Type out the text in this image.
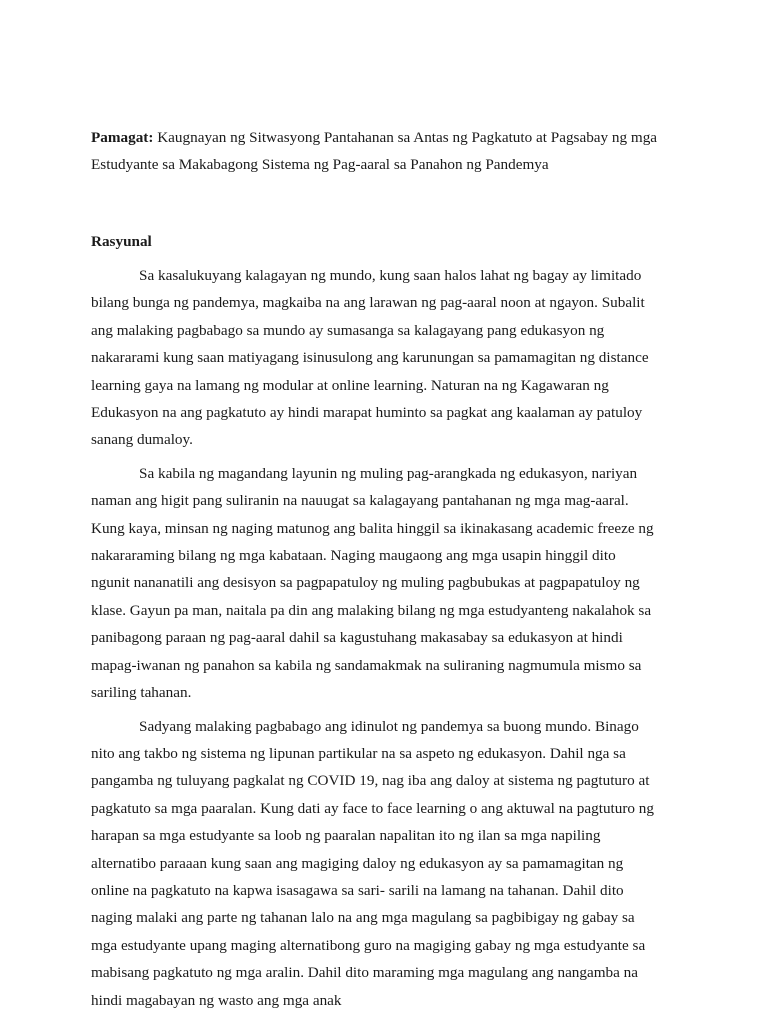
Pamagat: Kaugnayan ng Sitwasyong Pantahanan sa Antas ng Pagkatuto at Pagsabay ng mga Estudyante sa Makabagong Sistema ng Pag-aaral sa Panahon ng Pandemya

Rasyunal

Sa kasalukuyang kalagayan ng mundo, kung saan halos lahat ng bagay ay limitado bilang bunga ng pandemya, magkaiba na ang larawan ng pag-aaral noon at ngayon. Subalit ang malaking pagbabago sa mundo ay sumasanga sa kalagayang pang edukasyon ng nakararami kung saan matiyagang isinusulong ang karunungan sa pamamagitan ng distance learning gaya na lamang ng modular at online learning. Naturan na ng Kagawaran ng Edukasyon na ang pagkatuto ay hindi marapat huminto sa pagkat ang kaalaman ay patuloy sanang dumaloy.

Sa kabila ng magandang layunin ng muling pag-arangkada ng edukasyon, nariyan naman ang higit pang suliranin na nauugat sa kalagayang pantahanan ng mga mag-aaral. Kung kaya, minsan ng naging matunog ang balita hinggil sa ikinakasang academic freeze ng nakararaming bilang ng mga kabataan. Naging maugaong ang mga usapin hinggil dito ngunit nananatili ang desisyon sa pagpapatuloy ng muling pagbubukas at pagpapatuloy ng klase. Gayun pa man, naitala pa din ang malaking bilang ng mga estudyanteng nakalahok sa panibagong paraan ng pag-aaral dahil sa kagustuhang makasabay sa edukasyon at hindi mapag-iwanan ng panahon sa kabila ng sandamakmak na suliraning nagmumula mismo sa sariling tahanan.

Sadyang malaking pagbabago ang idinulot ng pandemya sa buong mundo. Binago nito ang takbo ng sistema ng lipunan partikular na sa aspeto ng edukasyon. Dahil nga sa pangamba ng tuluyang pagkalat ng COVID 19, nag iba ang daloy at sistema ng pagtuturo at pagkatuto sa mga paaralan. Kung dati ay face to face learning o ang aktuwal na pagtuturo ng harapan sa mga estudyante sa loob ng paaralan napalitan ito ng ilan sa mga napiling alternatibo paraaan kung saan ang magiging daloy ng edukasyon ay sa pamamagitan ng online na pagkatuto na kapwa isasagawa sa sari- sarili na lamang na tahanan. Dahil dito naging malaki ang parte ng tahanan lalo na ang mga magulang sa pagbibigay ng gabay sa mga estudyante upang maging alternatibong guro na magiging gabay ng mga estudyante sa mabisang pagkatuto ng mga aralin. Dahil dito maraming mga magulang ang nangamba na hindi magabayan ng wasto ang mga anak
